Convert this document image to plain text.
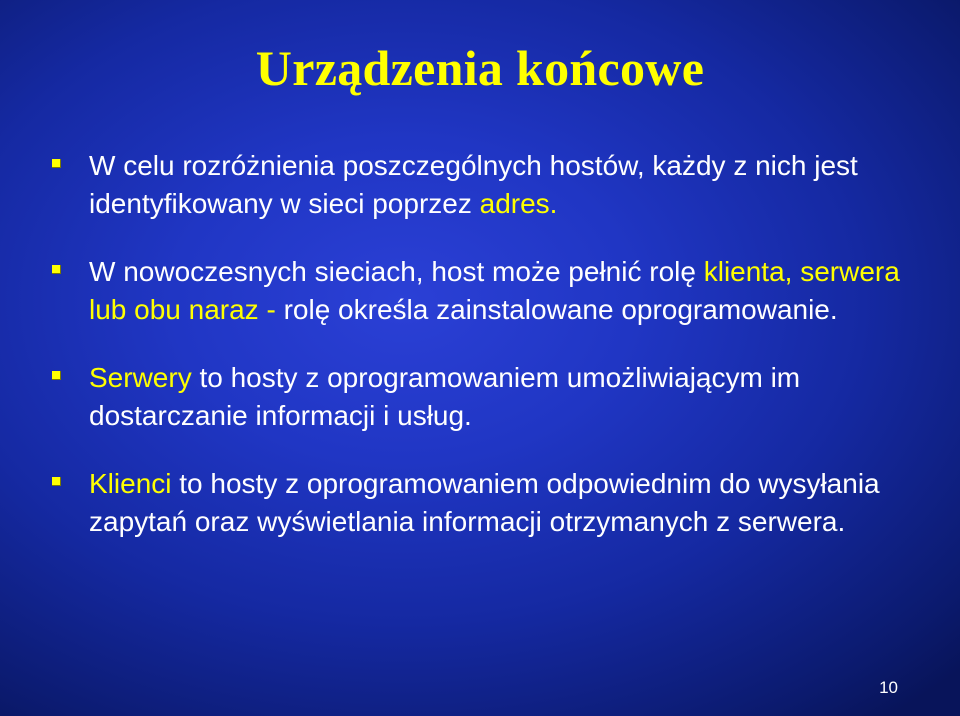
Urządzenia końcowe
W celu rozróżnienia poszczególnych hostów, każdy z nich jest identyfikowany w sieci poprzez adres.
W nowoczesnych sieciach, host może pełnić rolę klienta, serwera lub obu naraz - rolę określa zainstalowane oprogramowanie.
Serwery to hosty z oprogramowaniem umożliwiającym im dostarczanie informacji i usług.
Klienci to hosty z oprogramowaniem odpowiednim do wysyłania zapytań oraz wyświetlania informacji otrzymanych z serwera.
10
